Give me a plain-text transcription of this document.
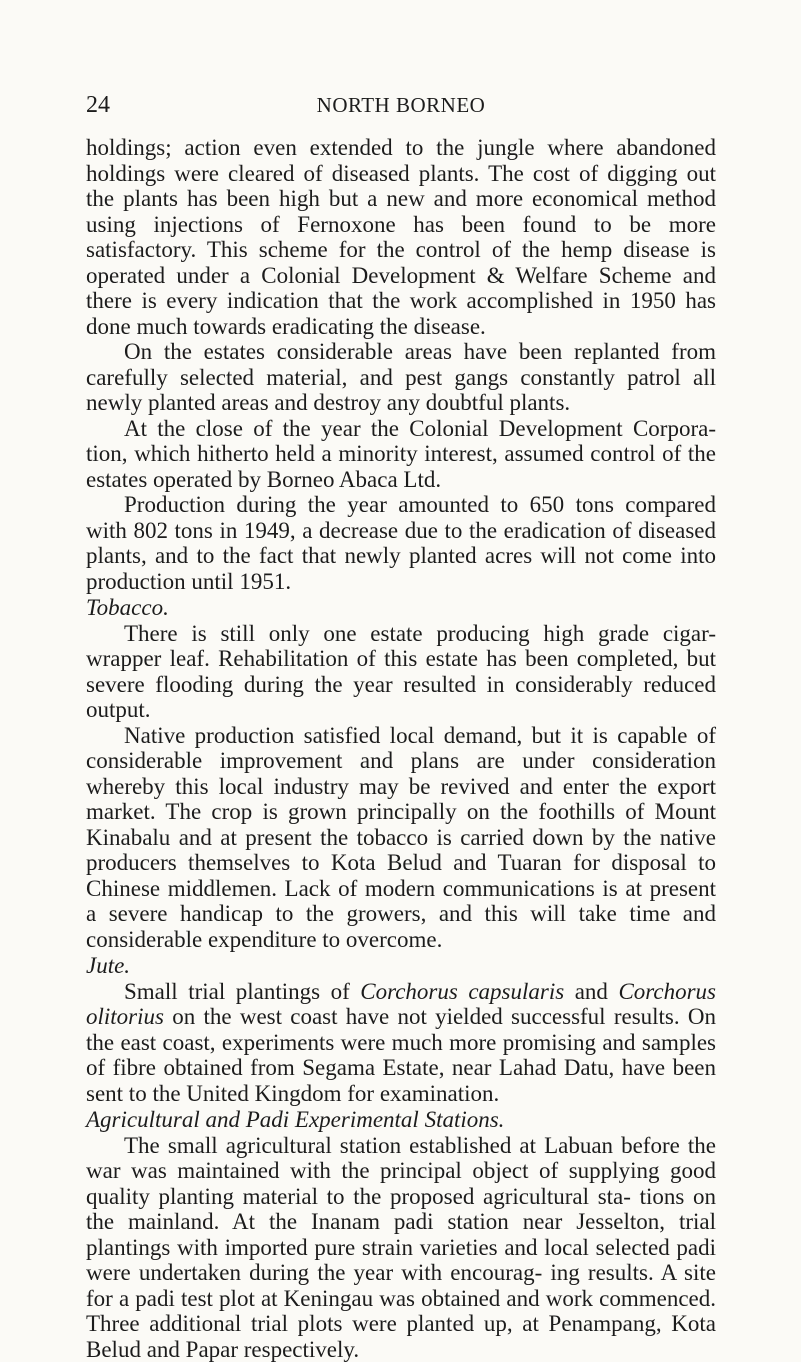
24	NORTH BORNEO

holdings; action even extended to the jungle where abandoned holdings were cleared of diseased plants. The cost of digging out the plants has been high but a new and more economical method using injections of Fernoxone has been found to be more satisfactory. This scheme for the control of the hemp disease is operated under a Colonial Development & Welfare Scheme and there is every indication that the work accomplished in 1950 has done much towards eradicating the disease.

On the estates considerable areas have been replanted from carefully selected material, and pest gangs constantly patrol all newly planted areas and destroy any doubtful plants.

At the close of the year the Colonial Development Corpora- tion, which hitherto held a minority interest, assumed control of the estates operated by Borneo Abaca Ltd.

Production during the year amounted to 650 tons compared with 802 tons in 1949, a decrease due to the eradication of diseased plants, and to the fact that newly planted acres will not come into production until 1951.

Tobacco.

There is still only one estate producing high grade cigar- wrapper leaf. Rehabilitation of this estate has been completed, but severe flooding during the year resulted in considerably reduced output.

Native production satisfied local demand, but it is capable of considerable improvement and plans are under consideration whereby this local industry may be revived and enter the export market. The crop is grown principally on the foothills of Mount Kinabalu and at present the tobacco is carried down by the native producers themselves to Kota Belud and Tuaran for disposal to Chinese middlemen. Lack of modern communications is at present a severe handicap to the growers, and this will take time and considerable expenditure to overcome.

Jute.

Small trial plantings of Corchorus capsularis and Corchorus olitorius on the west coast have not yielded successful results. On the east coast, experiments were much more promising and samples of fibre obtained from Segama Estate, near Lahad Datu, have been sent to the United Kingdom for examination.

Agricultural and Padi Experimental Stations.

The small agricultural station established at Labuan before the war was maintained with the principal object of supplying good quality planting material to the proposed agricultural sta- tions on the mainland. At the Inanam padi station near Jesselton, trial plantings with imported pure strain varieties and local selected padi were undertaken during the year with encourag- ing results. A site for a padi test plot at Keningau was obtained and work commenced. Three additional trial plots were planted up, at Penampang, Kota Belud and Papar respectively.
